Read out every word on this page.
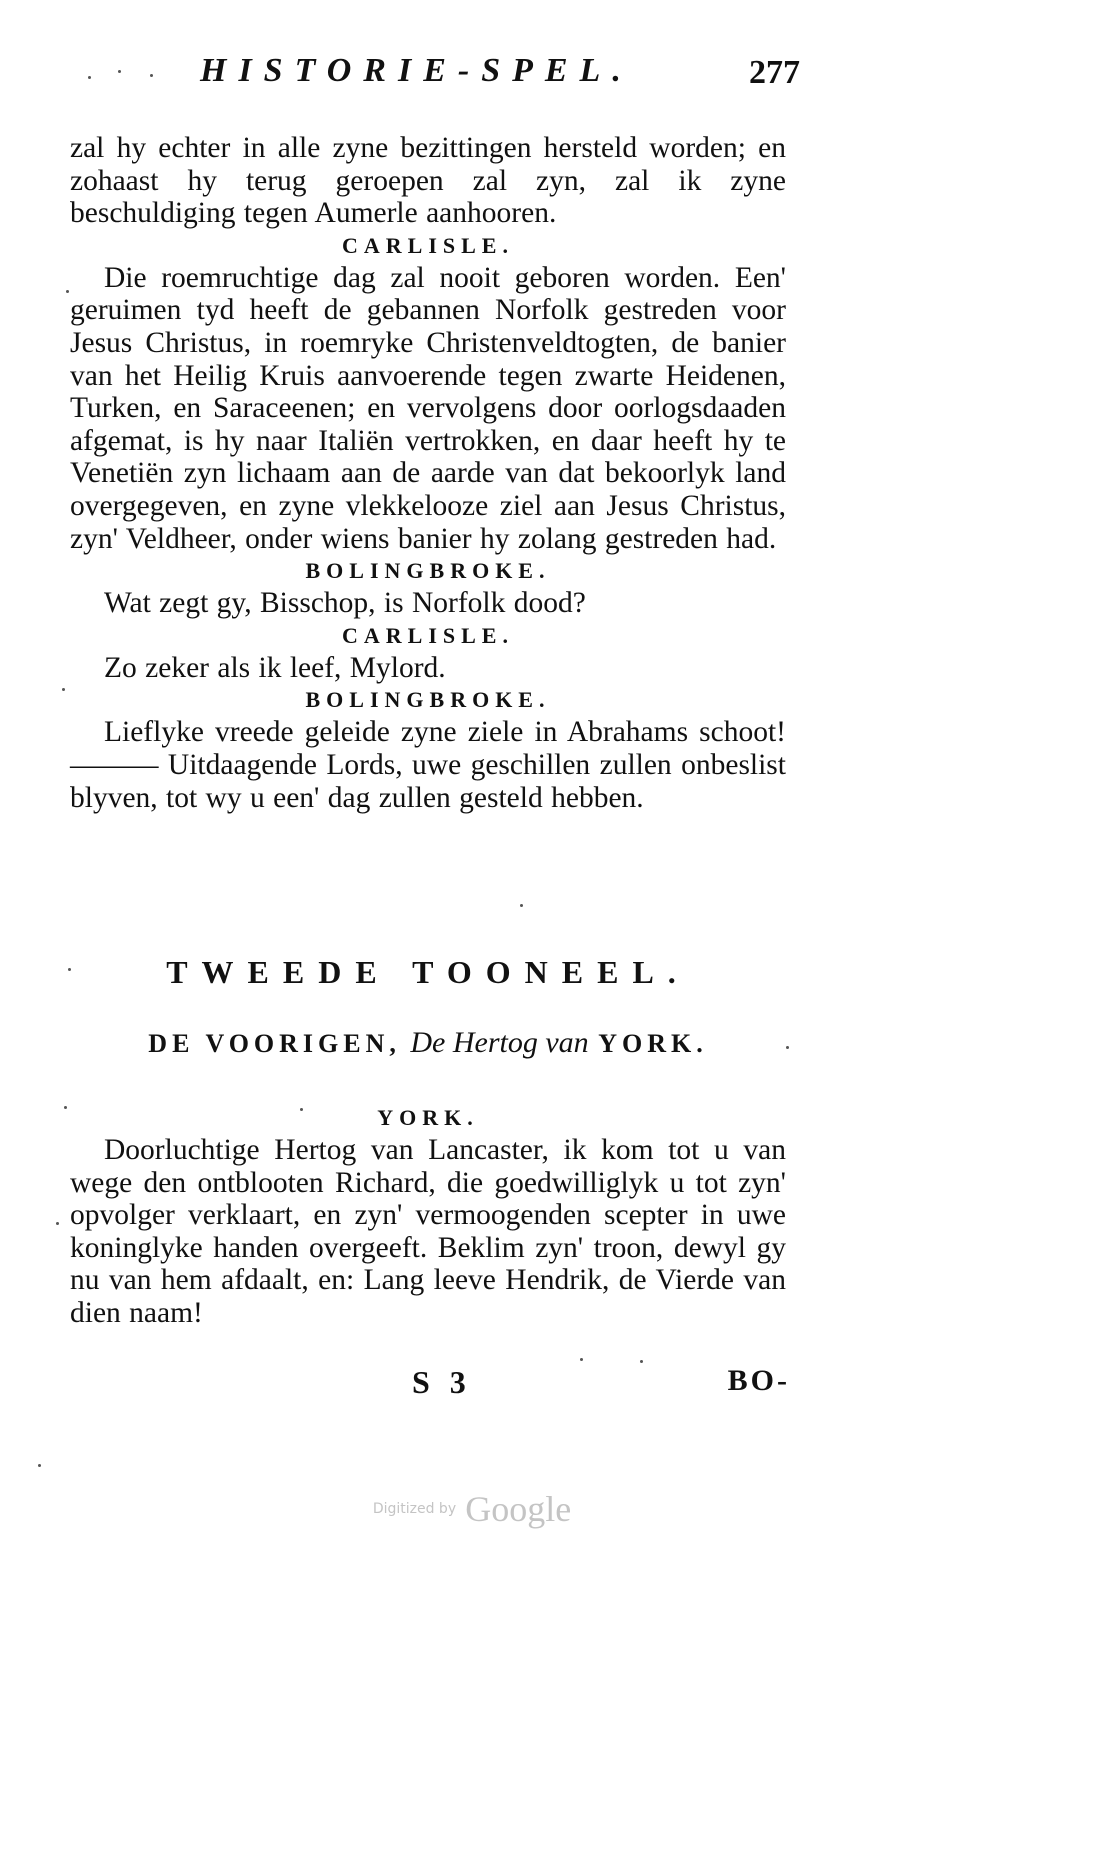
HISTORIE-SPEL.	277

zal hy echter in alle zyne bezittingen hersteld worden; en zohaast hy terug geroepen zal zyn, zal ik zyne beschuldiging tegen Aumerle aanhooren.

CARLISLE.

Die roemruchtige dag zal nooit geboren worden. Een' geruimen tyd heeft de gebannen Norfolk gestreden voor Jesus Christus, in roemryke Christenveldtogten, de banier van het Heilig Kruis aanvoerende tegen zwarte Heidenen, Turken, en Saraceenen; en vervolgens door oorlogsdaaden afgemat, is hy naar Italiën vertrokken, en daar heeft hy te Venetiën zyn lichaam aan de aarde van dat bekoorlyk land overgegeven, en zyne vlekkelooze ziel aan Jesus Christus, zyn' Veldheer, onder wiens banier hy zolang gestreden had.

BOLINGBROKE.

Wat zegt gy, Bisschop, is Norfolk dood?

CARLISLE.

Zo zeker als ik leef, Mylord.

BOLINGBROKE.

Lieflyke vreede geleide zyne ziele in Abrahams schoot! ——— Uitdaagende Lords, uwe geschillen zullen onbeslist blyven, tot wy u een' dag zullen gesteld hebben.

TWEEDE TOONEEL.
DE VOORIGEN, De Hertog van YORK.

YORK.

Doorluchtige Hertog van Lancaster, ik kom tot u van wege den ontblooten Richard, die goedwilliglyk u tot zyn' opvolger verklaart, en zyn' vermoogenden scepter in uwe koninglyke handen overgeeft. Beklim zyn' troon, dewyl gy nu van hem afdaalt, en: Lang leeve Hendrik, de Vierde van dien naam!

S 3	BO-
Digitized by Google
